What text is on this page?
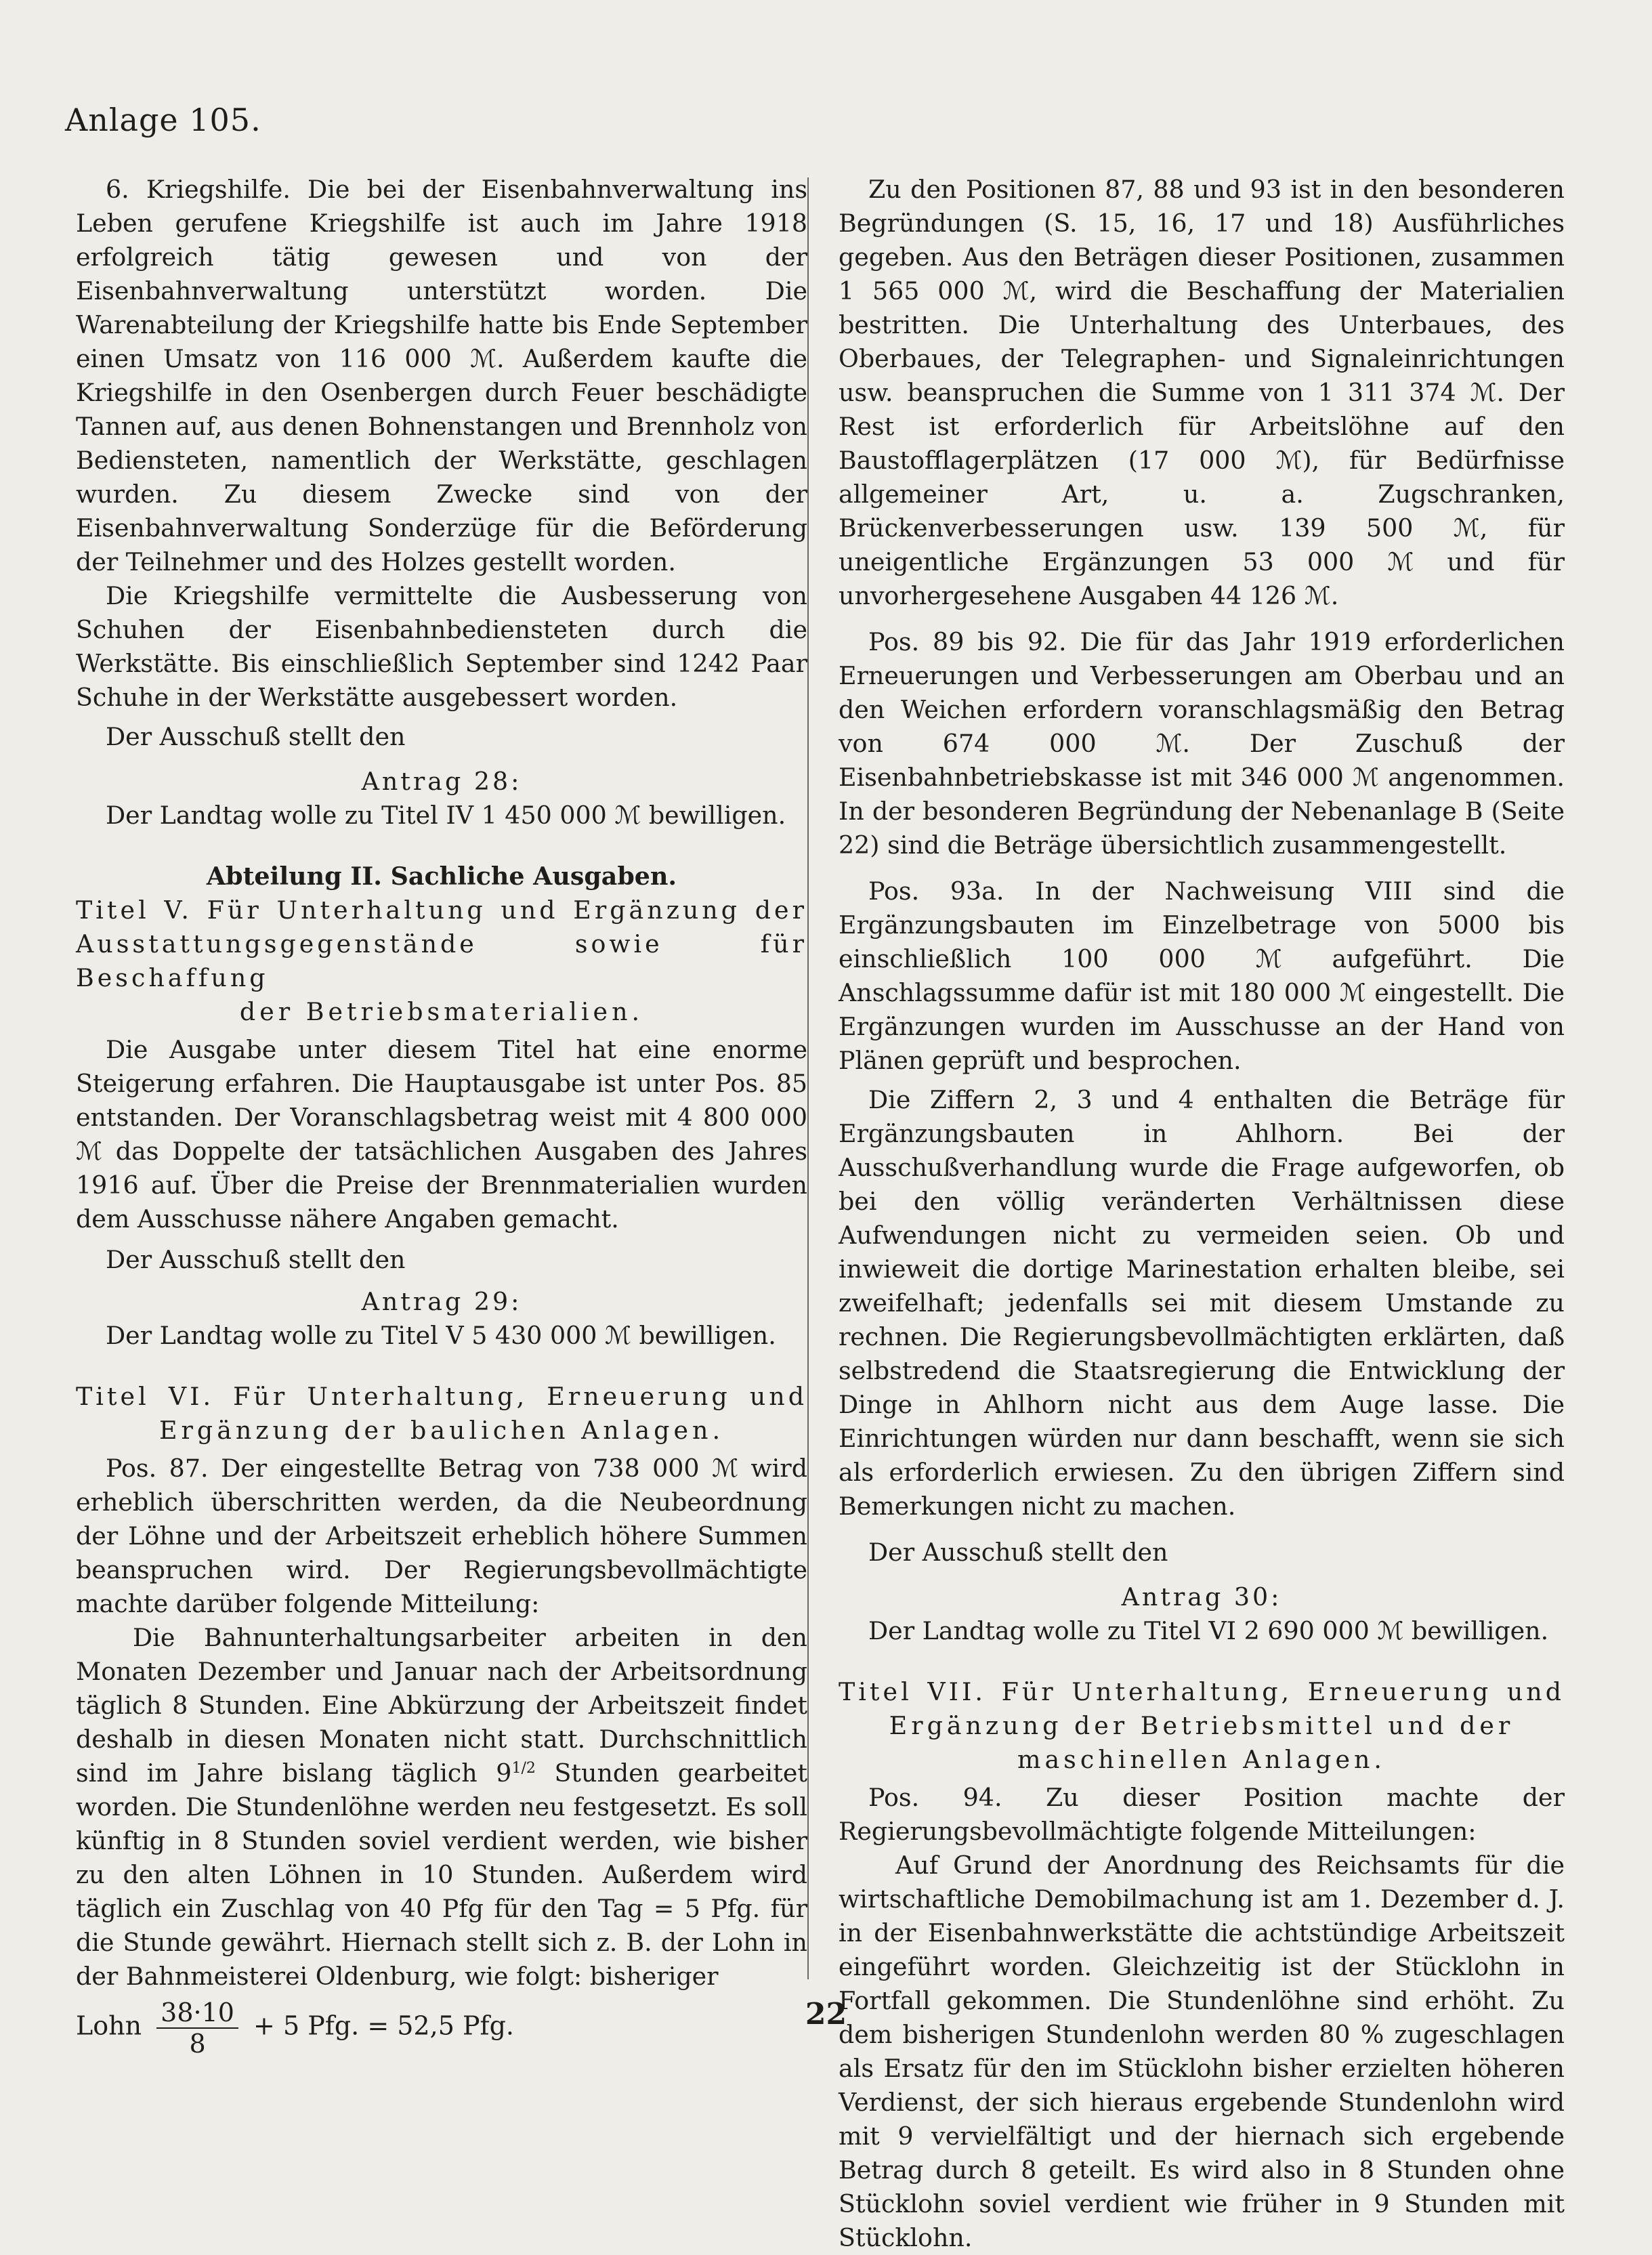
Anlage 105.

6. Kriegshilfe. Die bei der Eisenbahnverwaltung ins Leben gerufene Kriegshilfe ist auch im Jahre 1918 erfolgreich tätig gewesen und von der Eisenbahnverwaltung unterstützt worden. Die Warenabteilung der Kriegshilfe hatte bis Ende September einen Umsatz von 116 000 ℳ. Außerdem kaufte die Kriegshilfe in den Osenbergen durch Feuer beschädigte Tannen auf, aus denen Bohnenstangen und Brennholz von Bediensteten, namentlich der Werkstätte, geschlagen wurden. Zu diesem Zwecke sind von der Eisenbahnverwaltung Sonderzüge für die Beförderung der Teilnehmer und des Holzes gestellt worden.

Die Kriegshilfe vermittelte die Ausbesserung von Schuhen der Eisenbahnbediensteten durch die Werkstätte. Bis einschließlich September sind 1242 Paar Schuhe in der Werkstätte ausgebessert worden.

Der Ausschuß stellt den

Antrag 28:

Der Landtag wolle zu Titel IV 1 450 000 ℳ bewilligen.

Abteilung II. Sachliche Ausgaben.

Titel V. Für Unterhaltung und Ergänzung der

Ausstattungsgegenstände sowie für Beschaffung

der Betriebsmaterialien.

Die Ausgabe unter diesem Titel hat eine enorme Steigerung erfahren. Die Hauptausgabe ist unter Pos. 85 entstanden. Der Voranschlagsbetrag weist mit 4 800 000 ℳ das Doppelte der tatsächlichen Ausgaben des Jahres 1916 auf. Über die Preise der Brennmaterialien wurden dem Ausschusse nähere Angaben gemacht.

Der Ausschuß stellt den

Antrag 29:

Der Landtag wolle zu Titel V 5 430 000 ℳ bewilligen.

Titel VI. Für Unterhaltung, Erneuerung und

Ergänzung der baulichen Anlagen.

Pos. 87. Der eingestellte Betrag von 738 000 ℳ wird erheblich überschritten werden, da die Neubeordnung der Löhne und der Arbeitszeit erheblich höhere Summen beanspruchen wird. Der Regierungsbevollmächtigte machte darüber folgende Mitteilung:

Die Bahnunterhaltungsarbeiter arbeiten in den Monaten Dezember und Januar nach der Arbeitsordnung täglich 8 Stunden. Eine Abkürzung der Arbeitszeit findet deshalb in diesen Monaten nicht statt. Durchschnittlich sind im Jahre bislang täglich $9^{1/2}$ Stunden gearbeitet worden. Die Stundenlöhne werden neu festgesetzt. Es soll künftig in 8 Stunden soviel verdient werden, wie bisher zu den alten Löhnen in 10 Stunden. Außerdem wird täglich ein Zuschlag von 40 Pfg für den Tag = 5 Pfg. für die Stunde gewährt. Hiernach stellt sich z. B. der Lohn in der Bahnmeisterei Oldenburg, wie folgt: bisheriger

Lohn $\frac{38\cdot 10}{8} + 5$ Pfg. = 52,5 Pfg.

Zu den Positionen 87, 88 und 93 ist in den besonderen Begründungen (S. 15, 16, 17 und 18) Ausführliches gegeben. Aus den Beträgen dieser Positionen, zusammen 1 565 000 ℳ, wird die Beschaffung der Materialien bestritten. Die Unterhaltung des Unterbaues, des Oberbaues, der Telegraphen- und Signaleinrichtungen usw. beanspruchen die Summe von 1 311 374 ℳ. Der Rest ist erforderlich für Arbeitslöhne auf den Baustofflagerplätzen (17 000 ℳ), für Bedürfnisse allgemeiner Art, u. a. Zugschranken, Brückenverbesserungen usw. 139 500 ℳ, für uneigentliche Ergänzungen 53 000 ℳ und für unvorhergesehene Ausgaben 44 126 ℳ.

Pos. 89 bis 92. Die für das Jahr 1919 erforderlichen Erneuerungen und Verbesserungen am Oberbau und an den Weichen erfordern voranschlagsmäßig den Betrag von 674 000 ℳ. Der Zuschuß der Eisenbahnbetriebskasse ist mit 346 000 ℳ angenommen. In der besonderen Begründung der Nebenanlage B (Seite 22) sind die Beträge übersichtlich zusammengestellt.

Pos. 93a. In der Nachweisung VIII sind die Ergänzungsbauten im Einzelbetrage von 5000 bis einschließlich 100 000 ℳ aufgeführt. Die Anschlagssumme dafür ist mit 180 000 ℳ eingestellt. Die Ergänzungen wurden im Ausschusse an der Hand von Plänen geprüft und besprochen.

Die Ziffern 2, 3 und 4 enthalten die Beträge für Ergänzungsbauten in Ahlhorn. Bei der Ausschußverhandlung wurde die Frage aufgeworfen, ob bei den völlig veränderten Verhältnissen diese Aufwendungen nicht zu vermeiden seien. Ob und inwieweit die dortige Marinestation erhalten bleibe, sei zweifelhaft; jedenfalls sei mit diesem Umstande zu rechnen. Die Regierungsbevollmächtigten erklärten, daß selbstredend die Staatsregierung die Entwicklung der Dinge in Ahlhorn nicht aus dem Auge lasse. Die Einrichtungen würden nur dann beschafft, wenn sie sich als erforderlich erwiesen. Zu den übrigen Ziffern sind Bemerkungen nicht zu machen.

Der Ausschuß stellt den

Antrag 30:

Der Landtag wolle zu Titel VI 2 690 000 ℳ bewilligen.

Titel VII. Für Unterhaltung, Erneuerung und

Ergänzung der Betriebsmittel und der

maschinellen Anlagen.

Pos. 94. Zu dieser Position machte der Regierungsbevollmächtigte folgende Mitteilungen:

Auf Grund der Anordnung des Reichsamts für die wirtschaftliche Demobilmachung ist am 1. Dezember d. J. in der Eisenbahnwerkstätte die achtstündige Arbeitszeit eingeführt worden. Gleichzeitig ist der Stücklohn in Fortfall gekommen. Die Stundenlöhne sind erhöht. Zu dem bisherigen Stundenlohn werden 80 % zugeschlagen als Ersatz für den im Stücklohn bisher erzielten höheren Verdienst, der sich hieraus ergebende Stundenlohn wird mit 9 vervielfältigt und der hiernach sich ergebende Betrag durch 8 geteilt. Es wird also in 8 Stunden ohne Stücklohn soviel verdient wie früher in 9 Stunden mit Stücklohn.

22
